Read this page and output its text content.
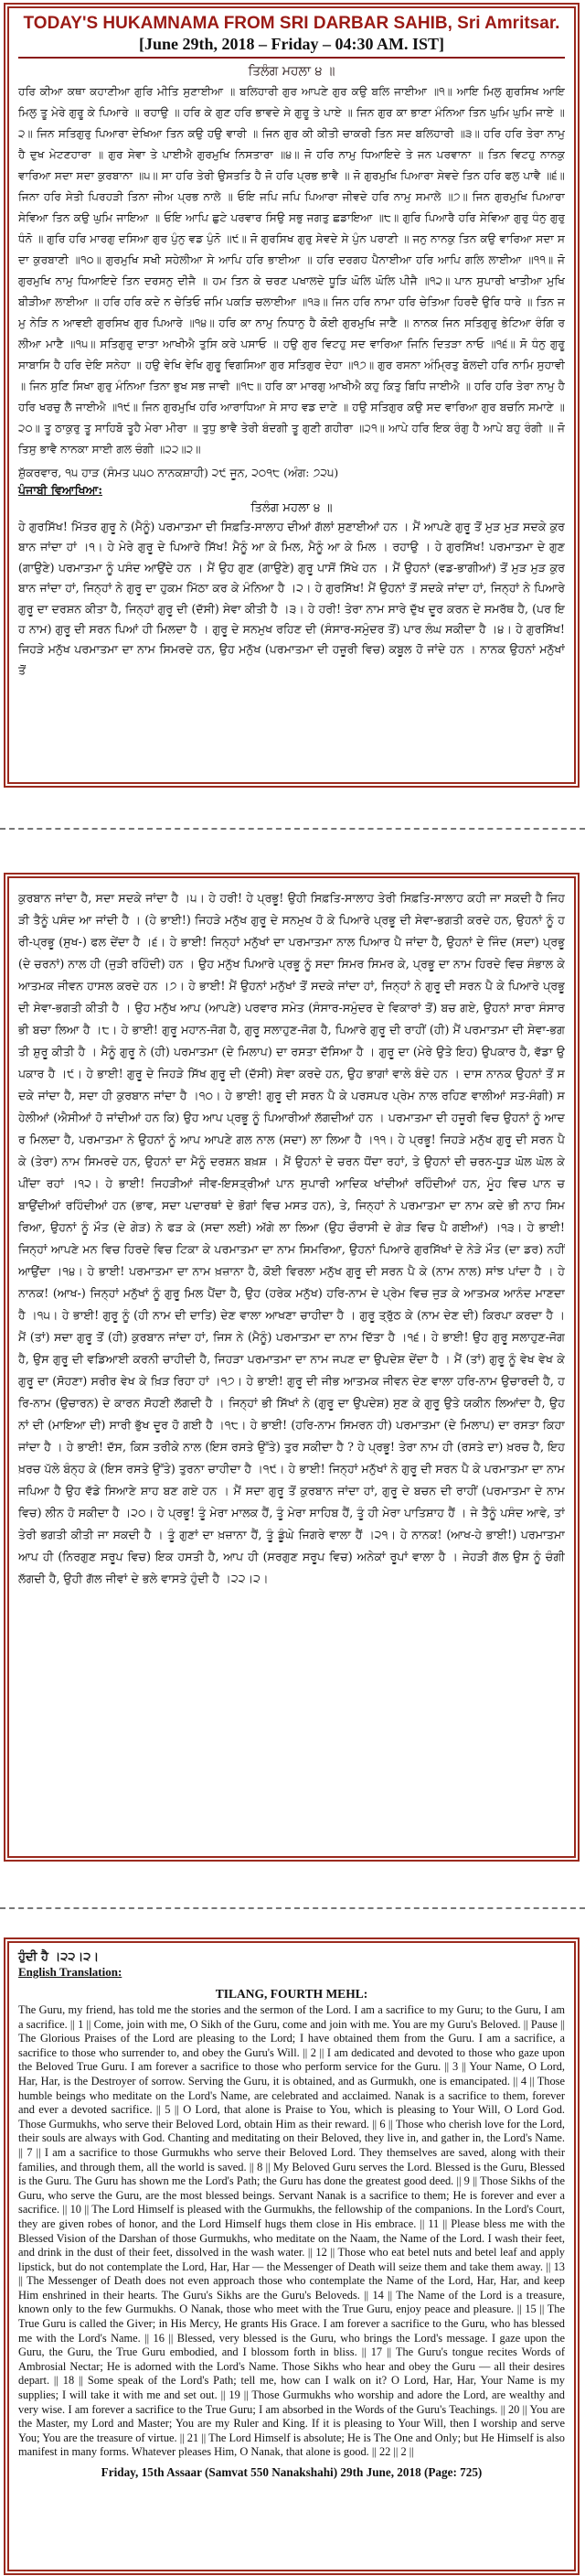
TODAY'S HUKAMNAMA FROM SRI DARBAR SAHIB, Sri Amritsar.
[June 29th, 2018 – Friday – 04:30 AM. IST]
ਤਿਲੰਗ ਮਹਲਾ ੪ ॥
ਹਰਿ ਕੀਆ ਕਥਾ ਕਹਾਣੀਆ ਗੁਰਿ ਮੀਤਿ ਸੁਣਾਈਆ ॥ ਬਲਿਹਾਰੀ ਗੁਰ ਆਪਣੇ ਗੁਰ ਕਉ ਬਲਿ ਜਾਈਆ ॥੧॥ ਆਇ ਮਿਲੁ ਗੁਰਸਿਖ ਆਇ ਮਿਲੁ ਤੂ ਮੇਰੇ ਗੁਰੂ ਕੇ ਪਿਆਰੇ ॥ ਰਹਾਉ ॥ ਹਰਿ ਕੇ ਗੁਣ ਹਰਿ ਭਾਵਦੇ ਸੇ ਗੁਰੂ ਤੇ ਪਾਏ ॥ ਜਿਨ ਗੁਰ ਕਾ ਭਾਣਾ ਮੰਨਿਆ ਤਿਨ ਘੁਮਿ ਘੁਮਿ ਜਾਏ ॥੨॥ ਜਿਨ ਸਤਿਗੁਰੁ ਪਿਆਰਾ ਦੇਖਿਆ ਤਿਨ ਕਉ ਹਉ ਵਾਰੀ ॥ ਜਿਨ ਗੁਰ ਕੀ ਕੀਤੀ ਚਾਕਰੀ ਤਿਨ ਸਦ ਬਲਿਹਾਰੀ ॥੩॥ ਹਰਿ ਹਰਿ ਤੇਰਾ ਨਾਮੁ ਹੈ ਦੁਖ ਮੇਟਣਹਾਰਾ ॥ ਗੁਰ ਸੇਵਾ ਤੇ ਪਾਈਐ ਗੁਰਮੁਖਿ ਨਿਸਤਾਰਾ ॥੪॥ ਜੋ ਹਰਿ ਨਾਮੁ ਧਿਆਇਦੇ ਤੇ ਜਨ ਪਰਵਾਨਾ ॥ ਤਿਨ ਵਿਟਹੁ ਨਾਨਕੁ ਵਾਰਿਆ ਸਦਾ ਸਦਾ ਕੁਰਬਾਨਾ ॥੫॥ ਸਾ ਹਰਿ ਤੇਰੀ ਉਸਤਤਿ ਹੈ ਜੋ ਹਰਿ ਪ੍ਰਭ ਭਾਵੈ ॥ ਜੋ ਗੁਰਮੁਖਿ ਪਿਆਰਾ ਸੇਵਦੇ ਤਿਨ ਹਰਿ ਫਲੁ ਪਾਵੈ ॥੬॥ ਜਿਨਾ ਹਰਿ ਸੇਤੀ ਪਿਰਹੜੀ ਤਿਨਾ ਜੀਅ ਪ੍ਰਭ ਨਾਲੇ ॥ ਓਇ ਜਪਿ ਜਪਿ ਪਿਆਰਾ ਜੀਵਦੇ ਹਰਿ ਨਾਮੁ ਸਮਾਲੇ ॥੭॥ ਜਿਨ ਗੁਰਮੁਖਿ ਪਿਆਰਾ ਸੇਵਿਆ ਤਿਨ ਕਉ ਘੁਮਿ ਜਾਇਆ ॥ ਓਇ ਆਪਿ ਛੁਟੇ ਪਰਵਾਰ ਸਿਉ ਸਭੁ ਜਗਤੁ ਛਡਾਇਆ ॥੮॥ ਗੁਰਿ ਪਿਆਰੈ ਹਰਿ ਸੇਵਿਆ ਗੁਰੁ ਧੰਨੁ ਗੁਰੁ ਧੰਨੋ ॥ ਗੁਰਿ ਹਰਿ ਮਾਰਗੁ ਦਸਿਆ ਗੁਰ ਪੁੰਨੁ ਵਡ ਪੁੰਨੋ ॥੯॥ ਜੋ ਗੁਰਸਿਖ ਗੁਰੁ ਸੇਵਦੇ ਸੇ ਪੁੰਨ ਪਰਾਣੀ ॥ ਜਨੁ ਨਾਨਕੁ ਤਿਨ ਕਉ ਵਾਰਿਆ ਸਦਾ ਸਦਾ ਕੁਰਬਾਣੀ ॥੧੦॥ ਗੁਰਮੁਖਿ ਸਖੀ ਸਹੇਲੀਆ ਸੇ ਆਪਿ ਹਰਿ ਭਾਈਆ ॥ ਹਰਿ ਦਰਗਹ ਪੈਨਾਈਆ ਹਰਿ ਆਪਿ ਗਲਿ ਲਾਈਆ ॥੧੧॥ ਜੋ ਗੁਰਮੁਖਿ ਨਾਮੁ ਧਿਆਇਦੇ ਤਿਨ ਦਰਸਨੁ ਦੀਜੈ ॥ ਹਮ ਤਿਨ ਕੇ ਚਰਣ ਪਖਾਲਦੇ ਧੂੜਿ ਘੋਲਿ ਘੋਲਿ ਪੀਜੈ ॥੧੨॥ ਪਾਨ ਸੁਪਾਰੀ ਖਾਤੀਆ ਮੁਖਿ ਬੀੜੀਆ ਲਾਈਆ ॥ ਹਰਿ ਹਰਿ ਕਦੇ ਨ ਚੇਤਿਓ ਜਮਿ ਪਕੜਿ ਚਲਾਈਆ ॥੧੩॥ ਜਿਨ ਹਰਿ ਨਾਮਾ ਹਰਿ ਚੇਤਿਆ ਹਿਰਦੈ ਉਰਿ ਧਾਰੇ ॥ ਤਿਨ ਜਮੁ ਨੇੜਿ ਨ ਆਵਈ ਗੁਰਸਿਖ ਗੁਰ ਪਿਆਰੇ ॥੧੪॥ ਹਰਿ ਕਾ ਨਾਮੁ ਨਿਧਾਨੁ ਹੈ ਕੋਈ ਗੁਰਮੁਖਿ ਜਾਣੈ ॥ ਨਾਨਕ ਜਿਨ ਸਤਿਗੁਰੁ ਭੇਟਿਆ ਰੰਗਿ ਰਲੀਆ ਮਾਣੈ ॥੧੫॥ ਸਤਿਗੁਰੁ ਦਾਤਾ ਆਖੀਐ ਤੁਸਿ ਕਰੇ ਪਸਾਓ ॥ ਹਉ ਗੁਰ ਵਿਟਹੁ ਸਦ ਵਾਰਿਆ ਜਿਨਿ ਦਿਤੜਾ ਨਾਓ ॥੧੬॥ ਸੋ ਧੰਨੁ ਗੁਰੂ ਸਾਬਾਸਿ ਹੈ ਹਰਿ ਦੇਇ ਸਨੇਹਾ ॥ ਹਉ ਵੇਖਿ ਵੇਖਿ ਗੁਰੂ ਵਿਗਸਿਆ ਗੁਰ ਸਤਿਗੁਰ ਦੇਹਾ ॥੧੭॥ ਗੁਰ ਰਸਨਾ ਅੰਮ੍ਰਿਤੁ ਬੋਲਦੀ ਹਰਿ ਨਾਮਿ ਸੁਹਾਵੀ ॥ ਜਿਨ ਸੁਣਿ ਸਿਖਾ ਗੁਰੁ ਮੰਨਿਆ ਤਿਨਾ ਭੁਖ ਸਭ ਜਾਵੀ ॥੧੮॥ ਹਰਿ ਕਾ ਮਾਰਗੁ ਆਖੀਐ ਕਹੁ ਕਿਤੁ ਬਿਧਿ ਜਾਈਐ ॥ ਹਰਿ ਹਰਿ ਤੇਰਾ ਨਾਮੁ ਹੈ ਹਰਿ ਖਰਚੁ ਲੈ ਜਾਈਐ ॥੧੯॥ ਜਿਨ ਗੁਰਮੁਖਿ ਹਰਿ ਆਰਾਧਿਆ ਸੇ ਸਾਹ ਵਡ ਦਾਣੇ ॥ ਹਉ ਸਤਿਗੁਰ ਕਉ ਸਦ ਵਾਰਿਆ ਗੁਰ ਬਚਨਿ ਸਮਾਣੇ ॥੨੦॥ ਤੂ ਠਾਕੁਰੁ ਤੂ ਸਾਹਿਬੋ ਤੂਹੈ ਮੇਰਾ ਮੀਰਾ ॥ ਤੁਧੁ ਭਾਵੈ ਤੇਰੀ ਬੰਦਗੀ ਤੂ ਗੁਣੀ ਗਹੀਰਾ ॥੨੧॥ ਆਪੇ ਹਰਿ ਇਕ ਰੰਗੁ ਹੈ ਆਪੇ ਬਹੁ ਰੰਗੀ ॥ ਜੋ ਤਿਸੁ ਭਾਵੈ ਨਾਨਕਾ ਸਾਈ ਗਲ ਚੰਗੀ ॥੨੨॥੨॥
ਸ਼ੁੱਕਰਵਾਰ, ੧੫ ਹਾੜ (ਸੰਮਤ ੫੫੦ ਨਾਨਕਸ਼ਾਹੀ) ੨੯ ਜੂਨ, ੨੦੧੮ (ਅੰਗ: ੭੨੫)
ਪੰਜਾਬੀ ਵਿਆਖਿਆ:
ਤਿਲੰਗ ਮਹਲਾ ੪ ॥
ਹੇ ਗੁਰਸਿੱਖ! ਮਿੱਤਰ ਗੁਰੂ ਨੇ (ਮੈਨੂੰ) ਪਰਮਾਤਮਾ ਦੀ ਸਿਫ਼ਤਿ-ਸਾਲਾਹ ਦੀਆਂ ਗੱਲਾਂ ਸੁਣਾਈਆਂ ਹਨ । ਮੈਂ ਆਪਣੇ ਗੁਰੂ ਤੋਂ ਮੁੜ ਮੁੜ ਸਦਕੇ ਕੁਰਬਾਨ ਜਾਂਦਾ ਹਾਂ ।੧। ਹੇ ਮੇਰੇ ਗੁਰੂ ਦੇ ਪਿਆਰੇ ਸਿੱਖ! ਮੈਨੂੰ ਆ ਕੇ ਮਿਲ, ਮੈਨੂੰ ਆ ਕੇ ਮਿਲ । ਰਹਾਉ । ਹੇ ਗੁਰਸਿੱਖ! ਪਰਮਾਤਮਾ ਦੇ ਗੁਣ (ਗਾਉਣੇ) ਪਰਮਾਤਮਾ ਨੂੰ ਪਸੰਦ ਆਉਂਦੇ ਹਨ । ਮੈਂ ਉਹ ਗੁਣ (ਗਾਉਣੇ) ਗੁਰੂ ਪਾਸੋਂ ਸਿੱਖੇ ਹਨ । ਮੈਂ ਉਹਨਾਂ (ਵਡ-ਭਾਗੀਆਂ) ਤੋਂ ਮੁੜ ਮੁੜ ਕੁਰਬਾਨ ਜਾਂਦਾ ਹਾਂ, ਜਿਨ੍ਹਾਂ ਨੇ ਗੁਰੂ ਦਾ ਹੁਕਮ ਮਿੱਠਾ ਕਰ ਕੇ ਮੰਨਿਆ ਹੈ ।੨। ਹੇ ਗੁਰਸਿੱਖ! ਮੈਂ ਉਹਨਾਂ ਤੋਂ ਸਦਕੇ ਜਾਂਦਾ ਹਾਂ, ਜਿਨ੍ਹਾਂ ਨੇ ਪਿਆਰੇ ਗੁਰੂ ਦਾ ਦਰਸ਼ਨ ਕੀਤਾ ਹੈ, ਜਿਨ੍ਹਾਂ ਗੁਰੂ ਦੀ (ਦੱਸੀ) ਸੇਵਾ ਕੀਤੀ ਹੈ ।੩। ਹੇ ਹਰੀ! ਤੇਰਾ ਨਾਮ ਸਾਰੇ ਦੁੱਖ ਦੂਰ ਕਰਨ ਦੇ ਸਮਰੱਥ ਹੈ, (ਪਰ ਇਹ ਨਾਮ) ਗੁਰੂ ਦੀ ਸਰਨ ਪਿਆਂ ਹੀ ਮਿਲਦਾ ਹੈ । ਗੁਰੂ ਦੇ ਸਨਮੁਖ ਰਹਿਣ ਦੀ (ਸੰਸਾਰ-ਸਮੁੰਦਰ ਤੋਂ) ਪਾਰ ਲੰਘ ਸਕੀਦਾ ਹੈ ।੪। ਹੇ ਗੁਰਸਿੱਖ! ਜਿਹੜੇ ਮਨੁੱਖ ਪਰਮਾਤਮਾ ਦਾ ਨਾਮ ਸਿਮਰਦੇ ਹਨ, ਉਹ ਮਨੁੱਖ (ਪਰਮਾਤਮਾ ਦੀ ਹਜ਼ੂਰੀ ਵਿਚ) ਕਬੂਲ ਹੋ ਜਾਂਦੇ ਹਨ । ਨਾਨਕ ਉਹਨਾਂ ਮਨੁੱਖਾਂ ਤੋਂ
ਕੁਰਬਾਨ ਜਾਂਦਾ ਹੈ, ਸਦਾ ਸਦਕੇ ਜਾਂਦਾ ਹੈ ।੫। ਹੇ ਹਰੀ! ਹੇ ਪ੍ਰਭੂ! ਉਹੀ ਸਿਫ਼ਤਿ-ਸਾਲਾਹ ਤੇਰੀ ਸਿਫ਼ਤਿ-ਸਾਲਾਹ ਕਹੀ ਜਾ ਸਕਦੀ ਹੈ ਜਿਹੜੀ ਤੈਨੂੰ ਪਸੰਦ ਆ ਜਾਂਦੀ ਹੈ । (ਹੇ ਭਾਈ!) ਜਿਹੜੇ ਮਨੁੱਖ ਗੁਰੂ ਦੇ ਸਨਮੁਖ ਹੋ ਕੇ ਪਿਆਰੇ ਪ੍ਰਭੂ ਦੀ ਸੇਵਾ-ਭਗਤੀ ਕਰਦੇ ਹਨ, ਉਹਨਾਂ ਨੂੰ ਹਰੀ-ਪ੍ਰਭੂ (ਸੁਖ-) ਫਲ ਦੇਂਦਾ ਹੈ ।੬। ਹੇ ਭਾਈ! ਜਿਨ੍ਹਾਂ ਮਨੁੱਖਾਂ ਦਾ ਪਰਮਾਤਮਾ ਨਾਲ ਪਿਆਰ ਪੈ ਜਾਂਦਾ ਹੈ, ਉਹਨਾਂ ਦੇ ਜਿੰਦ (ਸਦਾ) ਪ੍ਰਭੂ (ਦੇ ਚਰਨਾਂ) ਨਾਲ ਹੀ (ਜੁੜੀ ਰਹਿੰਦੀ) ਹਨ । ਉਹ ਮਨੁੱਖ ਪਿਆਰੇ ਪ੍ਰਭੂ ਨੂੰ ਸਦਾ ਸਿਮਰ ਸਿਮਰ ਕੇ, ਪ੍ਰਭੂ ਦਾ ਨਾਮ ਹਿਰਦੇ ਵਿਚ ਸੰਭਾਲ ਕੇ ਆਤਮਕ ਜੀਵਨ ਹਾਸਲ ਕਰਦੇ ਹਨ ।੭। ਹੇ ਭਾਈ! ਮੈਂ ਉਹਨਾਂ ਮਨੁੱਖਾਂ ਤੋਂ ਸਦਕੇ ਜਾਂਦਾ ਹਾਂ, ਜਿਨ੍ਹਾਂ ਨੇ ਗੁਰੂ ਦੀ ਸਰਨ ਪੈ ਕੇ ਪਿਆਰੇ ਪ੍ਰਭੂ ਦੀ ਸੇਵਾ-ਭਗਤੀ ਕੀਤੀ ਹੈ । ਉਹ ਮਨੁੱਖ ਆਪ (ਆਪਣੇ) ਪਰਵਾਰ ਸਮੇਤ (ਸੰਸਾਰ-ਸਮੁੰਦਰ ਦੇ ਵਿਕਾਰਾਂ ਤੋਂ) ਬਚ ਗਏ, ਉਹਨਾਂ ਸਾਰਾ ਸੰਸਾਰ ਭੀ ਬਚਾ ਲਿਆ ਹੈ ।੮। ਹੇ ਭਾਈ! ਗੁਰੂ ਮਹਾਨ-ਜੋਗ ਹੈ, ਗੁਰੂ ਸਲਾਹੁਣ-ਜੋਗ ਹੈ, ਪਿਆਰੇ ਗੁਰੂ ਦੀ ਰਾਹੀਂ (ਹੀ) ਮੈਂ ਪਰਮਾਤਮਾ ਦੀ ਸੇਵਾ-ਭਗਤੀ ਸ਼ੁਰੂ ਕੀਤੀ ਹੈ । ਮੈਨੂੰ ਗੁਰੂ ਨੇ (ਹੀ) ਪਰਮਾਤਮਾ (ਦੇ ਮਿਲਾਪ) ਦਾ ਰਸਤਾ ਦੱਸਿਆ ਹੈ । ਗੁਰੂ ਦਾ (ਮੇਰੇ ਉਤੇ ਇਹ) ਉਪਕਾਰ ਹੈ, ਵੱਡਾ ਉਪਕਾਰ ਹੈ ।੯। ਹੇ ਭਾਈ! ਗੁਰੂ ਦੇ ਜਿਹੜੇ ਸਿੱਖ ਗੁਰੂ ਦੀ (ਦੱਸੀ) ਸੇਵਾ ਕਰਦੇ ਹਨ, ਉਹ ਭਾਗਾਂ ਵਾਲੇ ਬੰਦੇ ਹਨ । ਦਾਸ ਨਾਨਕ ਉਹਨਾਂ ਤੋਂ ਸਦਕੇ ਜਾਂਦਾ ਹੈ, ਸਦਾ ਹੀ ਕੁਰਬਾਨ ਜਾਂਦਾ ਹੈ ।੧੦। ਹੇ ਭਾਈ! ਗੁਰੂ ਦੀ ਸਰਨ ਪੈ ਕੇ ਪਰਸਪਰ ਪ੍ਰੇਮ ਨਾਲ ਰਹਿਣ ਵਾਲੀਆਂ ਸਤ-ਸੰਗੀ) ਸਹੇਲੀਆਂ (ਐਸੀਆਂ ਹੋ ਜਾਂਦੀਆਂ ਹਨ ਕਿ) ਉਹ ਆਪ ਪ੍ਰਭੂ ਨੂੰ ਪਿਆਰੀਆਂ ਲੱਗਦੀਆਂ ਹਨ । ਪਰਮਾਤਮਾ ਦੀ ਹਜ਼ੂਰੀ ਵਿਚ ਉਹਨਾਂ ਨੂੰ ਆਦਰ ਮਿਲਦਾ ਹੈ, ਪਰਮਾਤਮਾ ਨੇ ਉਹਨਾਂ ਨੂੰ ਆਪ ਆਪਣੇ ਗਲ ਨਾਲ (ਸਦਾ) ਲਾ ਲਿਆ ਹੈ ।੧੧। ਹੇ ਪ੍ਰਭੂ! ਜਿਹੜੇ ਮਨੁੱਖ ਗੁਰੂ ਦੀ ਸਰਨ ਪੈ ਕੇ (ਤੇਰਾ) ਨਾਮ ਸਿਮਰਦੇ ਹਨ, ਉਹਨਾਂ ਦਾ ਮੈਨੂੰ ਦਰਸ਼ਨ ਬਖ਼ਸ਼ । ਮੈਂ ਉਹਨਾਂ ਦੇ ਚਰਨ ਧੋਂਦਾ ਰਹਾਂ, ਤੇ ਉਹਨਾਂ ਦੀ ਚਰਨ-ਧੂੜ ਘੋਲ ਘੋਲ ਕੇ ਪੀਂਦਾ ਰਹਾਂ ।੧੨। ਹੇ ਭਾਈ! ਜਿਹੜੀਆਂ ਜੀਵ-ਇਸਤ੍ਰੀਆਂ ਪਾਨ ਸੁਪਾਰੀ ਆਦਿਕ ਖਾਂਦੀਆਂ ਰਹਿੰਦੀਆਂ ਹਨ, ਮੂੰਹ ਵਿਚ ਪਾਨ ਚਬਾਉਂਦੀਆਂ ਰਹਿੰਦੀਆਂ ਹਨ (ਭਾਵ, ਸਦਾ ਪਦਾਰਥਾਂ ਦੇ ਭੋਗਾਂ ਵਿਚ ਮਸਤ ਹਨ), ਤੇ, ਜਿਨ੍ਹਾਂ ਨੇ ਪਰਮਾਤਮਾ ਦਾ ਨਾਮ ਕਦੇ ਭੀ ਨਾਹ ਸਿਮਰਿਆ, ਉਹਨਾਂ ਨੂੰ ਮੌਤ (ਦੇ ਗੇੜ) ਨੇ ਫੜ ਕੇ (ਸਦਾ ਲਈ) ਅੱਗੇ ਲਾ ਲਿਆ (ਉਹ ਚੌਰਾਸੀ ਦੇ ਗੇੜ ਵਿਚ ਪੈ ਗਈਆਂ) ।੧੩। ਹੇ ਭਾਈ! ਜਿਨ੍ਹਾਂ ਆਪਣੇ ਮਨ ਵਿਚ ਹਿਰਦੇ ਵਿਚ ਟਿਕਾ ਕੇ ਪਰਮਾਤਮਾ ਦਾ ਨਾਮ ਸਿਮਰਿਆ, ਉਹਨਾਂ ਪਿਆਰੇ ਗੁਰਸਿੱਖਾਂ ਦੇ ਨੇੜੇ ਮੌਤ (ਦਾ ਡਰ) ਨਹੀਂ ਆਉਂਦਾ ।੧੪। ਹੇ ਭਾਈ! ਪਰਮਾਤਮਾ ਦਾ ਨਾਮ ਖ਼ਜ਼ਾਨਾ ਹੈ, ਕੋਈ ਵਿਰਲਾ ਮਨੁੱਖ ਗੁਰੂ ਦੀ ਸਰਨ ਪੈ ਕੇ (ਨਾਮ ਨਾਲ) ਸਾਂਝ ਪਾਂਦਾ ਹੈ । ਹੇ ਨਾਨਕ! (ਆਖ-) ਜਿਨ੍ਹਾਂ ਮਨੁੱਖਾਂ ਨੂੰ ਗੁਰੂ ਮਿਲ ਪੈਂਦਾ ਹੈ, ਉਹ (ਹਰੇਕ ਮਨੁੱਖ) ਹਰਿ-ਨਾਮ ਦੇ ਪ੍ਰੇਮ ਵਿਚ ਜੁੜ ਕੇ ਆਤਮਕ ਆਨੰਦ ਮਾਣਦਾ ਹੈ ।੧੫। ਹੇ ਭਾਈ! ਗੁਰੂ ਨੂੰ (ਹੀ ਨਾਮ ਦੀ ਦਾਤਿ) ਦੇਣ ਵਾਲਾ ਆਖਣਾ ਚਾਹੀਦਾ ਹੈ । ਗੁਰੂ ਤ੍ਰੁੱਠ ਕੇ (ਨਾਮ ਦੇਣ ਦੀ) ਕਿਰਪਾ ਕਰਦਾ ਹੈ । ਮੈਂ (ਤਾਂ) ਸਦਾ ਗੁਰੂ ਤੋਂ (ਹੀ) ਕੁਰਬਾਨ ਜਾਂਦਾ ਹਾਂ, ਜਿਸ ਨੇ (ਮੈਨੂੰ) ਪਰਮਾਤਮਾ ਦਾ ਨਾਮ ਦਿੱਤਾ ਹੈ ।੧੬। ਹੇ ਭਾਈ! ਉਹ ਗੁਰੂ ਸਲਾਹੁਣ-ਜੋਗ ਹੈ, ਉਸ ਗੁਰੂ ਦੀ ਵਡਿਆਈ ਕਰਨੀ ਚਾਹੀਦੀ ਹੈ, ਜਿਹੜਾ ਪਰਮਾਤਮਾ ਦਾ ਨਾਮ ਜਪਣ ਦਾ ਉਪਦੇਸ਼ ਦੇਂਦਾ ਹੈ । ਮੈਂ (ਤਾਂ) ਗੁਰੂ ਨੂੰ ਵੇਖ ਵੇਖ ਕੇ ਗੁਰੂ ਦਾ (ਸੋਹਣਾ) ਸਰੀਰ ਵੇਖ ਕੇ ਖ਼ਿੜ ਰਿਹਾ ਹਾਂ ।੧੭। ਹੇ ਭਾਈ! ਗੁਰੂ ਦੀ ਜੀਭ ਆਤਮਕ ਜੀਵਨ ਦੇਣ ਵਾਲਾ ਹਰਿ-ਨਾਮ ਉਚਾਰਦੀ ਹੈ, ਹਰਿ-ਨਾਮ (ਉਚਾਰਨ) ਦੇ ਕਾਰਨ ਸੋਹਣੀ ਲੱਗਦੀ ਹੈ । ਜਿਨ੍ਹਾਂ ਭੀ ਸਿੱਖਾਂ ਨੇ (ਗੁਰੂ ਦਾ ਉਪਦੇਸ਼) ਸੁਣ ਕੇ ਗੁਰੂ ਉਤੇ ਯਕੀਨ ਲਿਆਂਦਾ ਹੈ, ਉਹਨਾਂ ਦੀ (ਮਾਇਆ ਦੀ) ਸਾਰੀ ਭੁੱਖ ਦੂਰ ਹੋ ਗਈ ਹੈ ।੧੮। ਹੇ ਭਾਈ! (ਹਰਿ-ਨਾਮ ਸਿਮਰਨ ਹੀ) ਪਰਮਾਤਮਾ (ਦੇ ਮਿਲਾਪ) ਦਾ ਰਸਤਾ ਕਿਹਾ ਜਾਂਦਾ ਹੈ । ਹੇ ਭਾਈ! ਦੱਸ, ਕਿਸ ਤਰੀਕੇ ਨਾਲ (ਇਸ ਰਸਤੇ ਉੱਤੇ) ਤੁਰ ਸਕੀਦਾ ਹੈ ? ਹੇ ਪ੍ਰਭੂ! ਤੇਰਾ ਨਾਮ ਹੀ (ਰਸਤੇ ਦਾ) ਖ਼ਰਚ ਹੈ, ਇਹ ਖ਼ਰਚ ਪੱਲੇ ਬੰਨ੍ਹ ਕੇ (ਇਸ ਰਸਤੇ ਉੱਤੇ) ਤੁਰਨਾ ਚਾਹੀਦਾ ਹੈ ।੧੯। ਹੇ ਭਾਈ! ਜਿਨ੍ਹਾਂ ਮਨੁੱਖਾਂ ਨੇ ਗੁਰੂ ਦੀ ਸਰਨ ਪੈ ਕੇ ਪਰਮਾਤਮਾ ਦਾ ਨਾਮ ਜਪਿਆ ਹੈ ਉਹ ਵੱਡੇ ਸਿਆਣੇ ਸ਼ਾਹ ਬਣ ਗਏ ਹਨ । ਮੈਂ ਸਦਾ ਗੁਰੂ ਤੋਂ ਕੁਰਬਾਨ ਜਾਂਦਾ ਹਾਂ, ਗੁਰੂ ਦੇ ਬਚਨ ਦੀ ਰਾਹੀਂ (ਪਰਮਾਤਮਾ ਦੇ ਨਾਮ ਵਿਚ) ਲੀਨ ਹੋ ਸਕੀਦਾ ਹੈ ।੨੦। ਹੇ ਪ੍ਰਭੂ! ਤੂੰ ਮੇਰਾ ਮਾਲਕ ਹੈਂ, ਤੂੰ ਮੇਰਾ ਸਾਹਿਬ ਹੈਂ, ਤੂੰ ਹੀ ਮੇਰਾ ਪਾਤਿਸ਼ਾਹ ਹੈਂ । ਜੇ ਤੈਨੂੰ ਪਸੰਦ ਆਵੇ, ਤਾਂ ਤੇਰੀ ਭਗਤੀ ਕੀਤੀ ਜਾ ਸਕਦੀ ਹੈ । ਤੂੰ ਗੁਣਾਂ ਦਾ ਖ਼ਜ਼ਾਨਾ ਹੈਂ, ਤੂੰ ਡੂੰਘੇ ਜਿਗਰੇ ਵਾਲਾ ਹੈਂ ।੨੧। ਹੇ ਨਾਨਕ! (ਆਖ-ਹੇ ਭਾਈ!) ਪਰਮਾਤਮਾ ਆਪ ਹੀ (ਨਿਰਗੁਣ ਸਰੂਪ ਵਿਚ) ਇਕ ਹਸਤੀ ਹੈ, ਆਪ ਹੀ (ਸਰਗੁਣ ਸਰੂਪ ਵਿਚ) ਅਨੇਕਾਂ ਰੂਪਾਂ ਵਾਲਾ ਹੈ । ਜੇਹੜੀ ਗੱਲ ਉਸ ਨੂੰ ਚੰਗੀ ਲੱਗਦੀ ਹੈ, ਉਹੀ ਗੱਲ ਜੀਵਾਂ ਦੇ ਭਲੇ ਵਾਸਤੇ ਹੁੰਦੀ ਹੈ ।੨੨।੨।
ਹੁੰਦੀ ਹੈ ।੨੨।੨।
English Translation:
TILANG, FOURTH MEHL:
The Guru, my friend, has told me the stories and the sermon of the Lord. I am a sacrifice to my Guru; to the Guru, I am a sacrifice. || 1 || Come, join with me, O Sikh of the Guru, come and join with me. You are my Guru's Beloved. || Pause || The Glorious Praises of the Lord are pleasing to the Lord; I have obtained them from the Guru. I am a sacrifice, a sacrifice to those who surrender to, and obey the Guru's Will. || 2 || I am dedicated and devoted to those who gaze upon the Beloved True Guru. I am forever a sacrifice to those who perform service for the Guru. || 3 || Your Name, O Lord, Har, Har, is the Destroyer of sorrow. Serving the Guru, it is obtained, and as Gurmukh, one is emancipated. || 4 || Those humble beings who meditate on the Lord's Name, are celebrated and acclaimed. Nanak is a sacrifice to them, forever and ever a devoted sacrifice. || 5 || O Lord, that alone is Praise to You, which is pleasing to Your Will, O Lord God. Those Gurmukhs, who serve their Beloved Lord, obtain Him as their reward. || 6 || Those who cherish love for the Lord, their souls are always with God. Chanting and meditating on their Beloved, they live in, and gather in, the Lord's Name. || 7 || I am a sacrifice to those Gurmukhs who serve their Beloved Lord. They themselves are saved, along with their families, and through them, all the world is saved. || 8 || My Beloved Guru serves the Lord. Blessed is the Guru, Blessed is the Guru. The Guru has shown me the Lord's Path; the Guru has done the greatest good deed. || 9 || Those Sikhs of the Guru, who serve the Guru, are the most blessed beings. Servant Nanak is a sacrifice to them; He is forever and ever a sacrifice. || 10 || The Lord Himself is pleased with the Gurmukhs, the fellowship of the companions. In the Lord's Court, they are given robes of honor, and the Lord Himself hugs them close in His embrace. || 11 || Please bless me with the Blessed Vision of the Darshan of those Gurmukhs, who meditate on the Naam, the Name of the Lord. I wash their feet, and drink in the dust of their feet, dissolved in the wash water. || 12 || Those who eat betel nuts and betel leaf and apply lipstick, but do not contemplate the Lord, Har, Har — the Messenger of Death will seize them and take them away. || 13 || The Messenger of Death does not even approach those who contemplate the Name of the Lord, Har, Har, and keep Him enshrined in their hearts. The Guru's Sikhs are the Guru's Beloveds. || 14 || The Name of the Lord is a treasure, known only to the few Gurmukhs. O Nanak, those who meet with the True Guru, enjoy peace and pleasure. || 15 || The True Guru is called the Giver; in His Mercy, He grants His Grace. I am forever a sacrifice to the Guru, who has blessed me with the Lord's Name. || 16 || Blessed, very blessed is the Guru, who brings the Lord's message. I gaze upon the Guru, the Guru, the True Guru embodied, and I blossom forth in bliss. || 17 || The Guru's tongue recites Words of Ambrosial Nectar; He is adorned with the Lord's Name. Those Sikhs who hear and obey the Guru — all their desires depart. || 18 || Some speak of the Lord's Path; tell me, how can I walk on it? O Lord, Har, Har, Your Name is my supplies; I will take it with me and set out. || 19 || Those Gurmukhs who worship and adore the Lord, are wealthy and very wise. I am forever a sacrifice to the True Guru; I am absorbed in the Words of the Guru's Teachings. || 20 || You are the Master, my Lord and Master; You are my Ruler and King. If it is pleasing to Your Will, then I worship and serve You; You are the treasure of virtue. || 21 || The Lord Himself is absolute; He is The One and Only; but He Himself is also manifest in many forms. Whatever pleases Him, O Nanak, that alone is good. || 22 || 2 ||
Friday, 15th Assaar (Samvat 550 Nanakshahi) 29th June, 2018 (Page: 725)
